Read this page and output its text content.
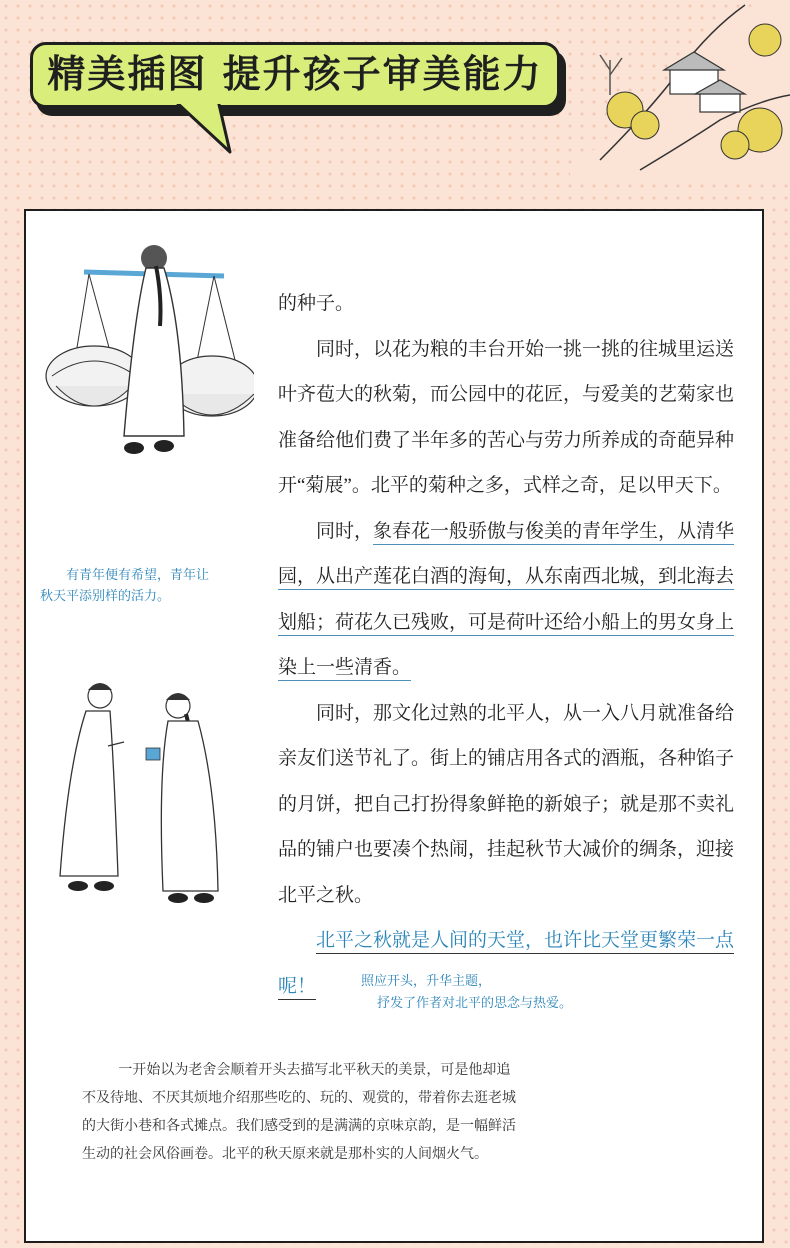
精美插图 提升孩子审美能力
有青年便有希望，青年让
秋天平添别样的活力。

的种子。

同时，以花为粮的丰台开始一挑一挑的往城里运送叶齐苞大的秋菊，而公园中的花匠，与爱美的艺菊家也准备给他们费了半年多的苦心与劳力所养成的奇葩异种开“菊展”。北平的菊种之多，式样之奇，足以甲天下。

同时，象春花一般骄傲与俊美的青年学生，从清华园，从出产莲花白酒的海甸，从东南西北城，到北海去划船；荷花久已残败，可是荷叶还给小船上的男女身上染上一些清香。

同时，那文化过熟的北平人，从一入八月就准备给亲友们送节礼了。街上的铺店用各式的酒瓶，各种馅子的月饼，把自己打扮得象鲜艳的新娘子；就是那不卖礼品的铺户也要凑个热闹，挂起秋节大减价的绸条，迎接北平之秋。

北平之秋就是人间的天堂，也许比天堂更繁荣一点呢！	照应开头，升华主题，
抒发了作者对北平的思念与热爱。
一开始以为老舍会顺着开头去描写北平秋天的美景，可是他却追不及待地、不厌其烦地介绍那些吃的、玩的、观赏的，带着你去逛老城的大街小巷和各式摊点。我们感受到的是满满的京味京韵，是一幅鲜活生动的社会风俗画卷。北平的秋天原来就是那朴实的人间烟火气。
